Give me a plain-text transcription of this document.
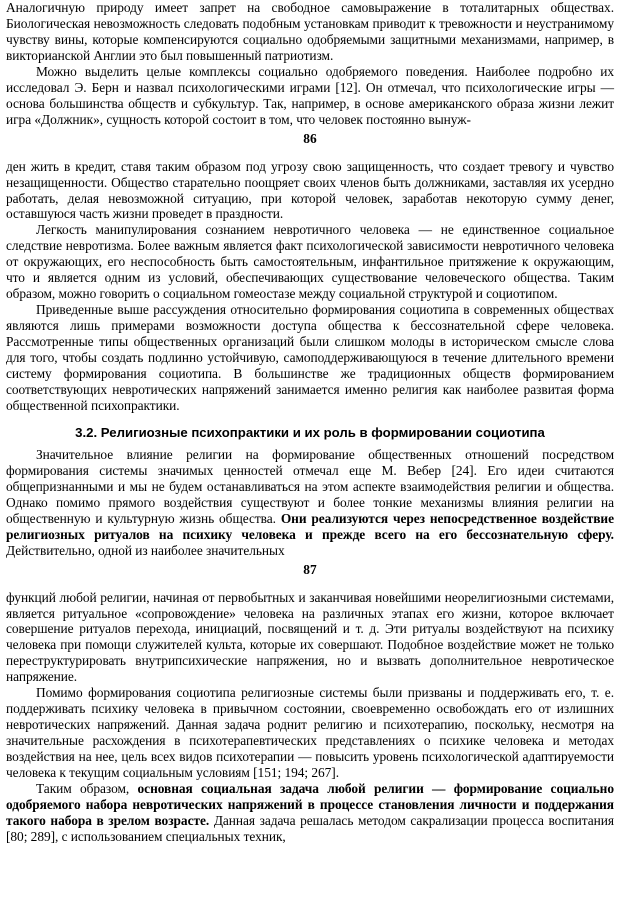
Аналогичную природу имеет запрет на свободное самовыражение в тоталитарных обществах. Биологическая невозможность следовать подобным установкам приводит к тревожности и неустранимому чувству вины, которые компенсируются социально одобряемыми защитными механизмами, например, в викторианской Англии это был повышенный патриотизм.

Можно выделить целые комплексы социально одобряемого поведения. Наиболее подробно их исследовал Э. Берн и назвал психологическими играми [12]. Он отмечал, что психологические игры — основа большинства обществ и субкультур. Так, например, в основе американского образа жизни лежит игра «Должник», сущность которой состоит в том, что человек постоянно вынуж-

86

ден жить в кредит, ставя таким образом под угрозу свою защищенность, что создает тревогу и чувство незащищенности. Общество старательно поощряет своих членов быть должниками, заставляя их усердно работать, делая невозможной ситуацию, при которой человек, заработав некоторую сумму денег, оставшуюся часть жизни проведет в праздности.

Легкость манипулирования сознанием невротичного человека — не единственное социальное следствие невротизма. Более важным является факт психологической зависимости невротичного человека от окружающих, его неспособность быть самостоятельным, инфантильное притяжение к окружающим, что и является одним из условий, обеспечивающих существование человеческого общества. Таким образом, можно говорить о социальном гомеостазе между социальной структурой и социотипом.

Приведенные выше рассуждения относительно формирования социотипа в современных обществах являются лишь примерами возможности доступа общества к бессознательной сфере человека. Рассмотренные типы общественных организаций были слишком молоды в историческом смысле слова для того, чтобы создать подлинно устойчивую, самоподдерживающуюся в течение длительного времени систему формирования социотипа. В большинстве же традиционных обществ формированием соответствующих невротических напряжений занимается именно религия как наиболее развитая форма общественной психопрактики.

3.2. Религиозные психопрактики и их роль в формировании социотипа

Значительное влияние религии на формирование общественных отношений посредством формирования системы значимых ценностей отмечал еще М. Вебер [24]. Его идеи считаются общепризнанными и мы не будем останавливаться на этом аспекте взаимодействия религии и общества. Однако помимо прямого воздействия существуют и более тонкие механизмы влияния религии на общественную и культурную жизнь общества. Они реализуются через непосредственное воздействие религиозных ритуалов на психику человека и прежде всего на его бессознательную сферу. Действительно, одной из наиболее значительных

87

функций любой религии, начиная от первобытных и заканчивая новейшими неорелигиозными системами, является ритуальное «сопровождение» человека на различных этапах его жизни, которое включает совершение ритуалов перехода, инициаций, посвящений и т. д. Эти ритуалы воздействуют на психику человека при помощи служителей культа, которые их совершают. Подобное воздействие может не только переструктурировать внутрипсихические напряжения, но и вызвать дополнительное невротическое напряжение.

Помимо формирования социотипа религиозные системы были призваны и поддерживать его, т. е. поддерживать психику человека в привычном состоянии, своевременно освобождать его от излишних невротических напряжений. Данная задача роднит религию и психотерапию, поскольку, несмотря на значительные расхождения в психотерапевтических представлениях о психике человека и методах воздействия на нее, цель всех видов психотерапии — повысить уровень психологической адаптируемости человека к текущим социальным условиям [151; 194; 267].

Таким образом, основная социальная задача любой религии — формирование социально одобряемого набора невротических напряжений в процессе становления личности и поддержания такого набора в зрелом возрасте. Данная задача решалась методом сакрализации процесса воспитания [80; 289], с использованием специальных техник,
